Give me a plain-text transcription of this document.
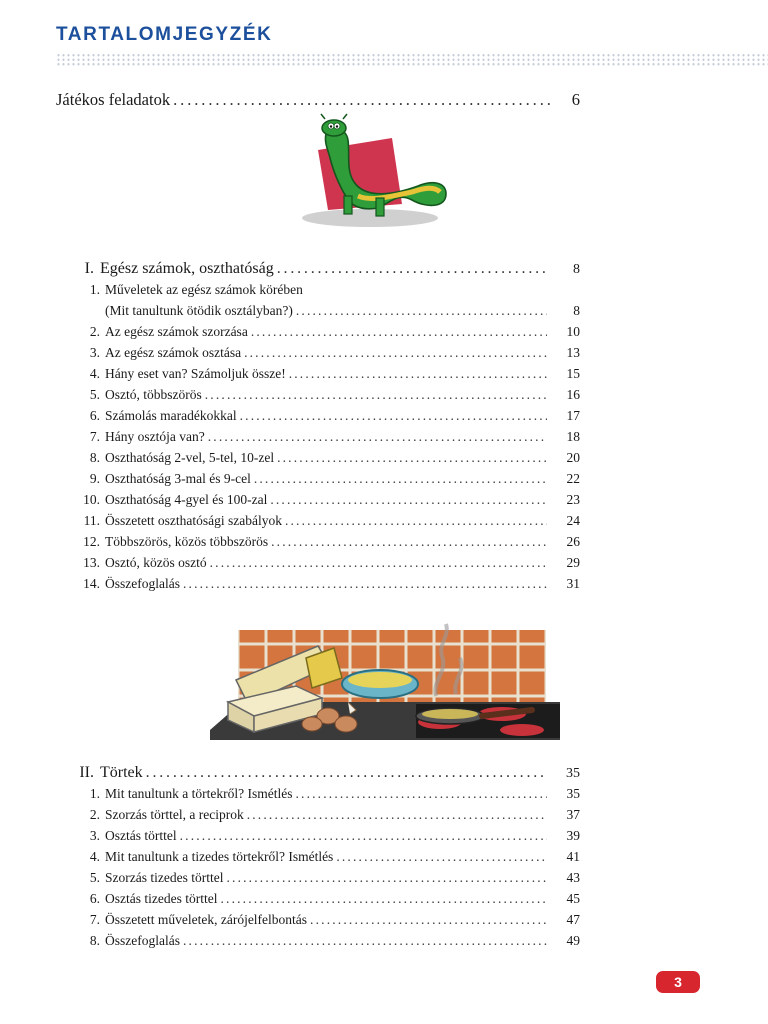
TARTALOMJEGYZÉK
Játékos feladatok . . .	6
I. Egész számok, oszthatóság . . .	8
1. Műveletek az egész számok körében
(Mit tanultunk ötödik osztályban?) . . .	8
2. Az egész számok szorzása . . .	10
3. Az egész számok osztása . . .	13
4. Hány eset van? Számoljuk össze! . . .	15
5. Osztó, többszörös . . .	16
6. Számolás maradékokkal . . .	17
7. Hány osztója van? . . .	18
8. Oszthatóság 2-vel, 5-tel, 10-zel . . .	20
9. Oszthatóság 3-mal és 9-cel . . .	22
10. Oszthatóság 4-gyel és 100-zal . . .	23
11. Összetett oszthatósági szabályok . . .	24
12. Többszörös, közös többszörös . . .	26
13. Osztó, közös osztó . . .	29
14. Összefoglalás . . .	31
II. Törtek . . .	35
1. Mit tanultunk a törtekről? Ismétlés . . .	35
2. Szorzás törttel, a reciprok . . .	37
3. Osztás törttel . . .	39
4. Mit tanultunk a tizedes törtekről? Ismétlés . . .	41
5. Szorzás tizedes törttel . . .	43
6. Osztás tizedes törttel . . .	45
7. Összetett műveletek, zárójelfelbontás . . .	47
8. Összefoglalás . . .	49
3
